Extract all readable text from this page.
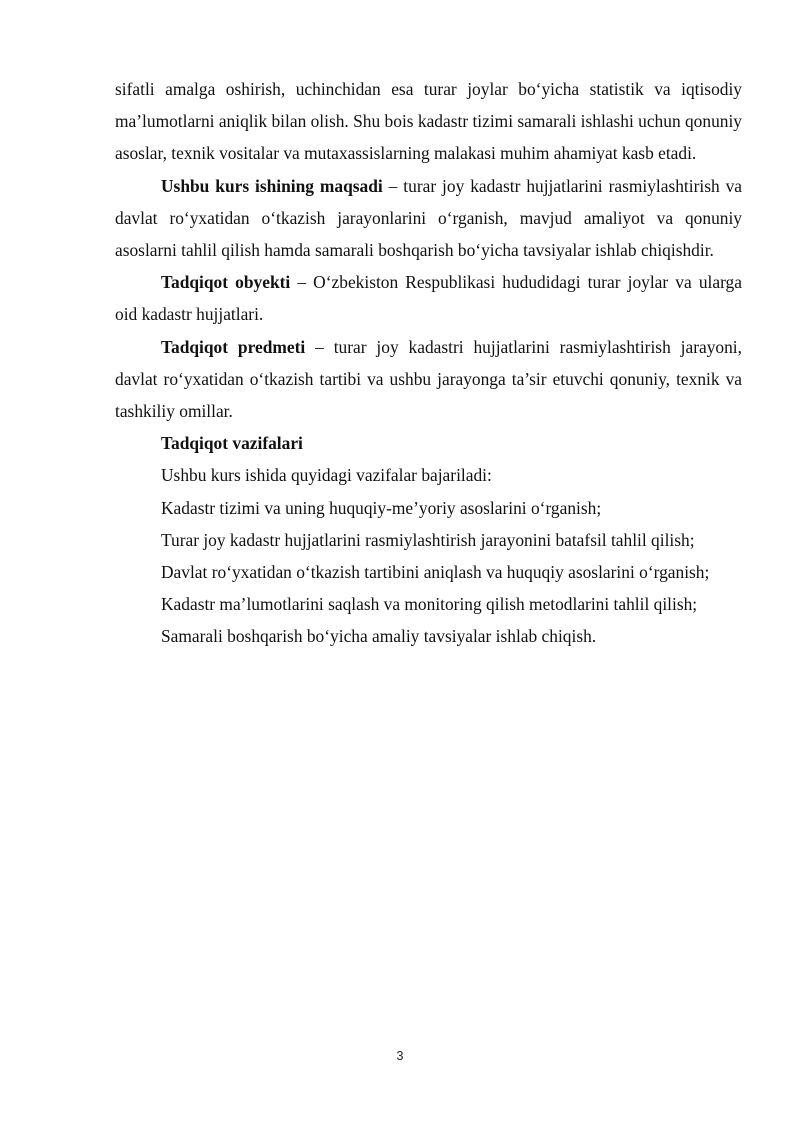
sifatli amalga oshirish, uchinchidan esa turar joylar bo‘yicha statistik va iqtisodiy ma’lumotlarni aniqlik bilan olish. Shu bois kadastr tizimi samarali ishlashi uchun qonuniy asoslar, texnik vositalar va mutaxassislarning malakasi muhim ahamiyat kasb etadi.

Ushbu kurs ishining maqsadi – turar joy kadastr hujjatlarini rasmiylashtirish va davlat ro‘yxatidan o‘tkazish jarayonlarini o‘rganish, mavjud amaliyot va qonuniy asoslarni tahlil qilish hamda samarali boshqarish bo‘yicha tavsiyalar ishlab chiqishdir.

Tadqiqot obyekti – O‘zbekiston Respublikasi hududidagi turar joylar va ularga oid kadastr hujjatlari.

Tadqiqot predmeti – turar joy kadastri hujjatlarini rasmiylashtirish jarayoni, davlat ro‘yxatidan o‘tkazish tartibi va ushbu jarayonga ta’sir etuvchi qonuniy, texnik va tashkiliy omillar.

Tadqiqot vazifalari

Ushbu kurs ishida quyidagi vazifalar bajariladi:

Kadastr tizimi va uning huquqiy-me’yoriy asoslarini o‘rganish;

Turar joy kadastr hujjatlarini rasmiylashtirish jarayonini batafsil tahlil qilish;

Davlat ro‘yxatidan o‘tkazish tartibini aniqlash va huquqiy asoslarini o‘rganish;

Kadastr ma’lumotlarini saqlash va monitoring qilish metodlarini tahlil qilish;

Samarali boshqarish bo‘yicha amaliy tavsiyalar ishlab chiqish.

3
